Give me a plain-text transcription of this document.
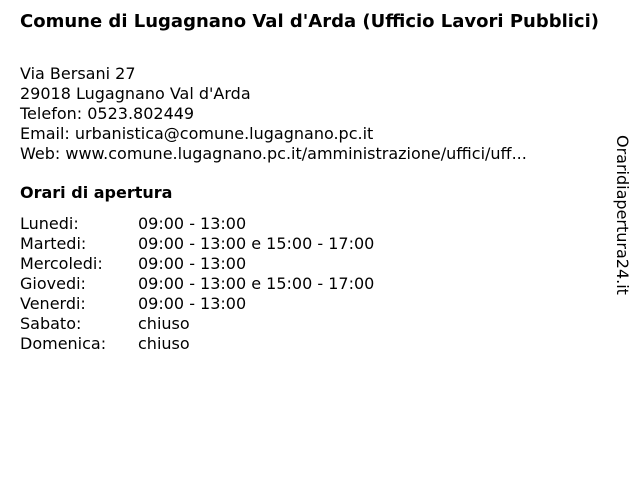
Comune di Lugagnano Val d'Arda (Ufficio Lavori Pubblici)
Via Bersani 27
29018 Lugagnano Val d'Arda
Telefon: 0523.802449
Email: urbanistica@comune.lugagnano.pc.it
Web: www.comune.lugagnano.pc.it/amministrazione/uffici/uff...
Orari di apertura
Lunedi:	09:00 - 13:00
Martedi:	09:00 - 13:00 e 15:00 - 17:00
Mercoledi: 09:00 - 13:00
Giovedi:	09:00 - 13:00 e 15:00 - 17:00
Venerdi:	09:00 - 13:00
Sabato:	chiuso
Domenica: chiuso
Oraridiapertura24.it
